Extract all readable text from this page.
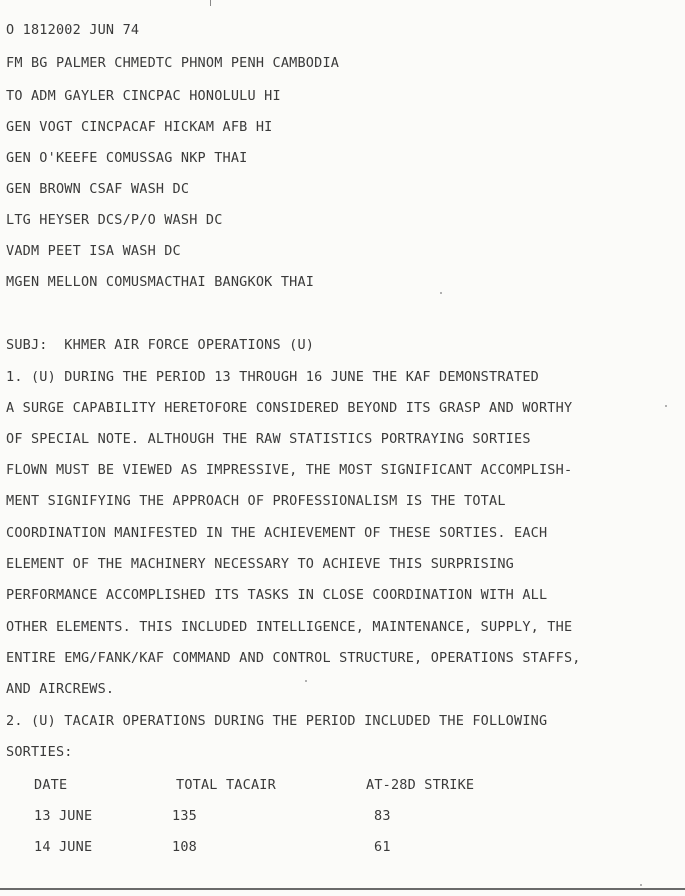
O 1812002 JUN 74
FM BG PALMER CHMEDTC PHNOM PENH CAMBODIA
TO ADM GAYLER CINCPAC HONOLULU HI
GEN VOGT CINCPACAF HICKAM AFB HI
GEN O'KEEFE COMUSSAG NKP THAI
GEN BROWN CSAF WASH DC
LTG HEYSER DCS/P/O WASH DC
VADM PEET ISA WASH DC
MGEN MELLON COMUSMACTHAI BANGKOK THAI
SUBJ:  KHMER AIR FORCE OPERATIONS (U)
1. (U) DURING THE PERIOD 13 THROUGH 16 JUNE THE KAF DEMONSTRATED
A SURGE CAPABILITY HERETOFORE CONSIDERED BEYOND ITS GRASP AND WORTHY
OF SPECIAL NOTE. ALTHOUGH THE RAW STATISTICS PORTRAYING SORTIES
FLOWN MUST BE VIEWED AS IMPRESSIVE, THE MOST SIGNIFICANT ACCOMPLISH-
MENT SIGNIFYING THE APPROACH OF PROFESSIONALISM IS THE TOTAL
COORDINATION MANIFESTED IN THE ACHIEVEMENT OF THESE SORTIES. EACH
ELEMENT OF THE MACHINERY NECESSARY TO ACHIEVE THIS SURPRISING
PERFORMANCE ACCOMPLISHED ITS TASKS IN CLOSE COORDINATION WITH ALL
OTHER ELEMENTS. THIS INCLUDED INTELLIGENCE, MAINTENANCE, SUPPLY, THE
ENTIRE EMG/FANK/KAF COMMAND AND CONTROL STRUCTURE, OPERATIONS STAFFS,
AND AIRCREWS.
2. (U) TACAIR OPERATIONS DURING THE PERIOD INCLUDED THE FOLLOWING
SORTIES:
DATE	TOTAL TACAIR	AT-28D STRIKE
13 JUNE	135	83
14 JUNE	108	61
